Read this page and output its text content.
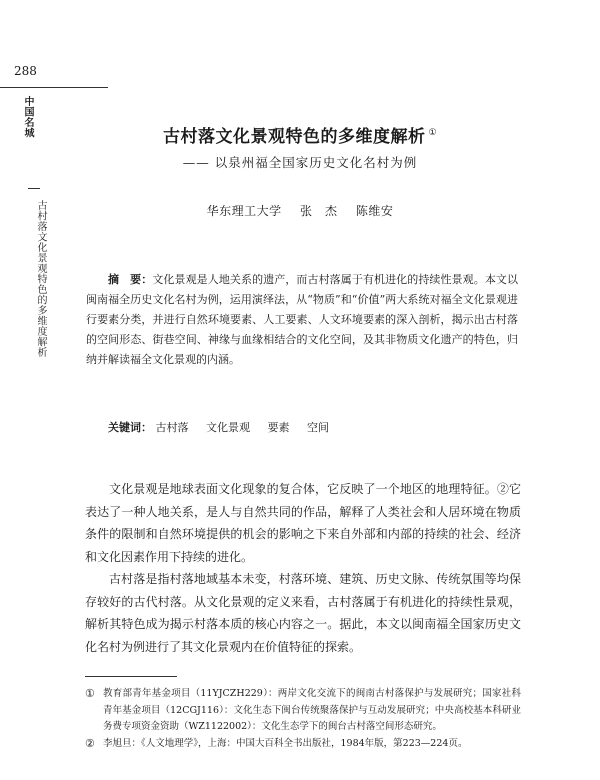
288
中国名城
古村落文化景观特色的多维度解析
古村落文化景观特色的多维度解析 ①
—— 以泉州福全国家历史文化名村为例
华东理工大学 张　杰 陈维安
摘　要：文化景观是人地关系的遗产，而古村落属于有机进化的持续性景观。本文以闽南福全历史文化名村为例，运用演绎法，从“物质”和“价值”两大系统对福全文化景观进行要素分类，并进行自然环境要素、人工要素、人文环境要素的深入剖析，揭示出古村落的空间形态、街巷空间、神缘与血缘相结合的文化空间，及其非物质文化遗产的特色，归纳并解读福全文化景观的内涵。
关键词： 古村落 文化景观 要素 空间

文化景观是地球表面文化现象的复合体，它反映了一个地区的地理特征。②它表达了一种人地关系，是人与自然共同的作品，解释了人类社会和人居环境在物质条件的限制和自然环境提供的机会的影响之下来自外部和内部的持续的社会、经济和文化因素作用下持续的进化。

古村落是指村落地域基本未变，村落环境、建筑、历史文脉、传统氛围等均保存较好的古代村落。从文化景观的定义来看，古村落属于有机进化的持续性景观，解析其特色成为揭示村落本质的核心内容之一。据此，本文以闽南福全国家历史文化名村为例进行了其文化景观内在价值特征的探索。

① 教育部青年基金项目（11YJCZH229）：两岸文化交流下的闽南古村落保护与发展研究；国家社科青年基金项目（12CGJ116）：文化生态下闽台传统聚落保护与互动发展研究；中央高校基本科研业务费专项资金资助（WZ1122002）：文化生态学下的闽台古村落空间形态研究。
② 李旭旦：《人文地理学》，上海：中国大百科全书出版社，1984年版，第223—224页。
